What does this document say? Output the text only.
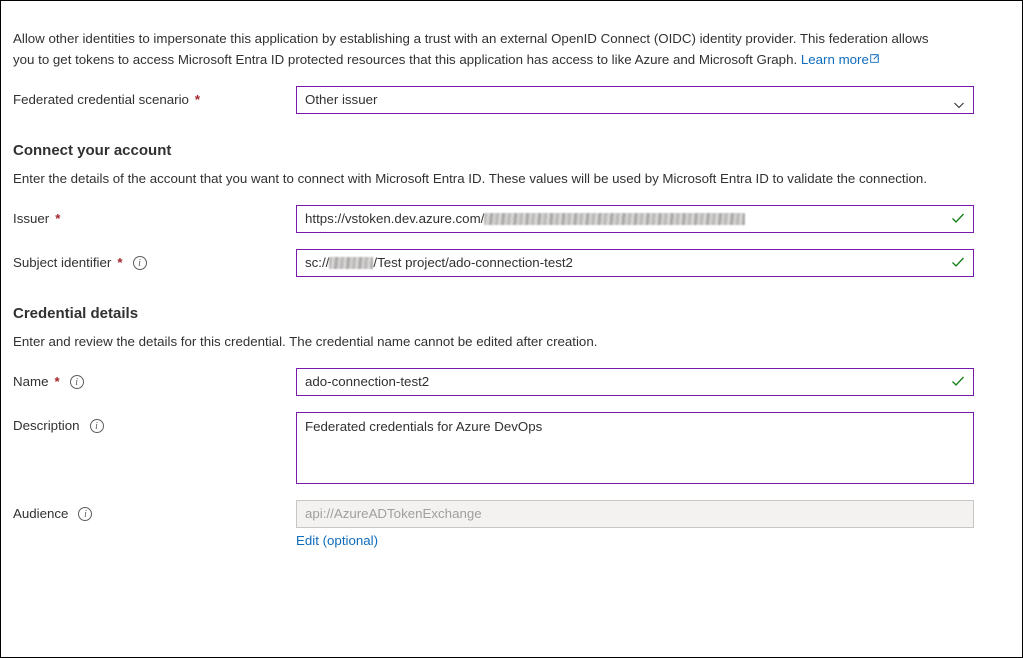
Allow other identities to impersonate this application by establishing a trust with an external OpenID Connect (OIDC) identity provider. This federation allows you to get tokens to access Microsoft Entra ID protected resources that this application has access to like Azure and Microsoft Graph. Learn more

Federated credential scenario *	Other issuer
Connect your account

Enter the details of the account that you want to connect with Microsoft Entra ID. These values will be used by Microsoft Entra ID to validate the connection.

Issuer *	https://vstoken.dev.azure.com/
Subject identifier *	i	sc://	/Test project/ado-connection-test2
Credential details

Enter and review the details for this credential. The credential name cannot be edited after creation.

Name *	i	ado-connection-test2
Description	i	Federated credentials for Azure DevOps
Audience	i	api://AzureADTokenExchange
Edit (optional)
